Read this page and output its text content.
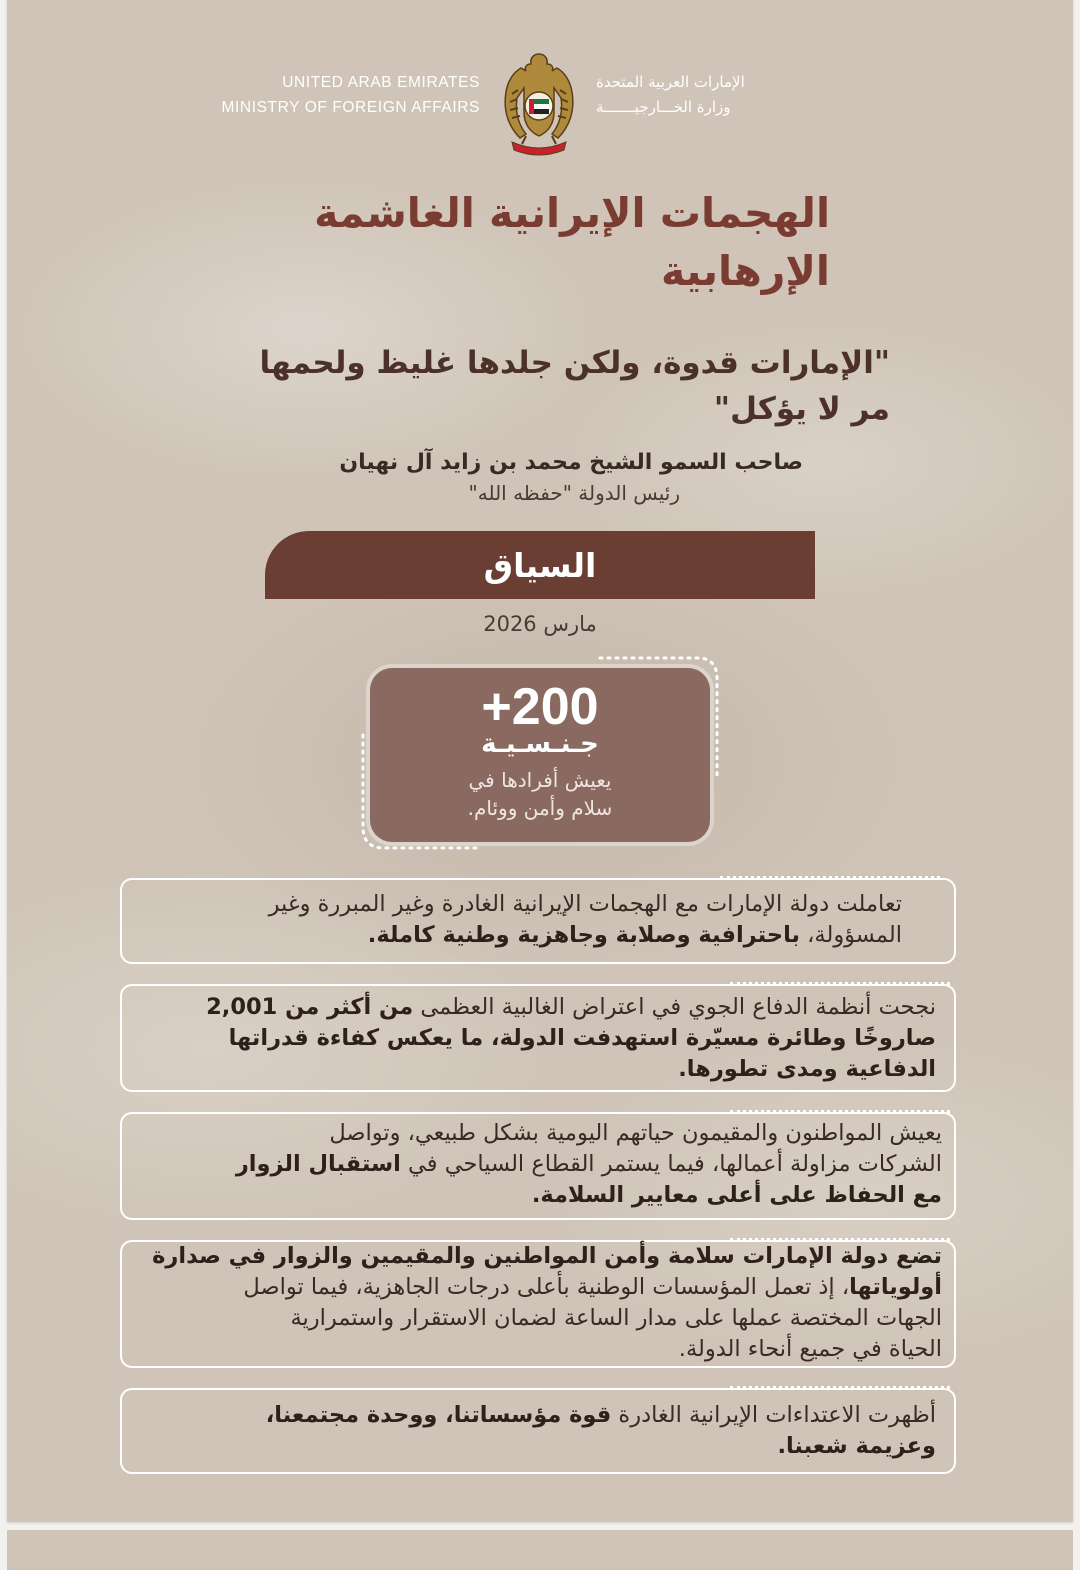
UNITED ARAB EMIRATES
MINISTRY OF FOREIGN AFFAIRS
الإمارات العربية المتحدة
وزارة الخـــارجيـــــــة
الهجمات الإيرانية الغاشمة
الإرهابية
"الإمارات قدوة، ولكن جلدها غليظ ولحمها
مر لا يؤكل"
صاحب السمو الشيخ محمد بن زايد آل نهيان
رئيس الدولة "حفظه الله"
السياق
مارس 2026
+200
جـنـسـيـة
يعيش أفرادها في
سلام وأمن ووئام.
تعاملت دولة الإمارات مع الهجمات الإيرانية الغادرة وغير المبررة وغير
المسؤولة، باحترافية وصلابة وجاهزية وطنية كاملة.
نجحت أنظمة الدفاع الجوي في اعتراض الغالبية العظمى من أكثر من 2,001
صاروخًا وطائرة مسيّرة استهدفت الدولة، ما يعكس كفاءة قدراتها
الدفاعية ومدى تطورها.
يعيش المواطنون والمقيمون حياتهم اليومية بشكل طبيعي، وتواصل
الشركات مزاولة أعمالها، فيما يستمر القطاع السياحي في استقبال الزوار
مع الحفاظ على أعلى معايير السلامة.
تضع دولة الإمارات سلامة وأمن المواطنين والمقيمين والزوار في صدارة
أولوياتها، إذ تعمل المؤسسات الوطنية بأعلى درجات الجاهزية، فيما تواصل
الجهات المختصة عملها على مدار الساعة لضمان الاستقرار واستمرارية
الحياة في جميع أنحاء الدولة.
أظهرت الاعتداءات الإيرانية الغادرة قوة مؤسساتنا، ووحدة مجتمعنا،
وعزيمة شعبنا.
